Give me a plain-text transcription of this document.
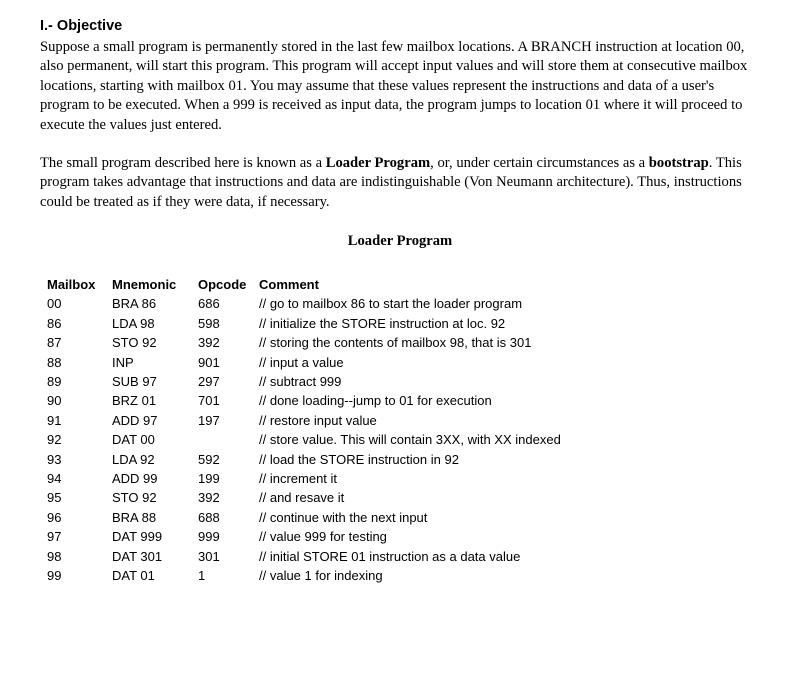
I.- Objective

Suppose a small program is permanently stored in the last few mailbox locations. A BRANCH instruction at location 00, also permanent, will start this program. This program will accept input values and will store them at consecutive mailbox locations, starting with mailbox 01. You may assume that these values represent the instructions and data of a user's program to be executed. When a 999 is received as input data, the program jumps to location 01 where it will proceed to execute the values just entered.

The small program described here is known as a Loader Program, or, under certain circumstances as a bootstrap. This program takes advantage that instructions and data are indistinguishable (Von Neumann architecture). Thus, instructions could be treated as if they were data, if necessary.

Loader Program
Mailbox	Mnemonic	Opcode	Comment
00	BRA 86	686	// go to mailbox 86 to start the loader program
86	LDA 98	598	// initialize the STORE instruction at loc. 92
87	STO 92	392	// storing the contents of mailbox 98, that is 301
88	INP	901	// input a value
89	SUB 97	297	// subtract 999
90	BRZ 01	701	// done loading--jump to 01 for execution
91	ADD 97	197	// restore input value
92	DAT 00		// store value. This will contain 3XX, with XX indexed
93	LDA 92	592	// load the STORE instruction in 92
94	ADD 99	199	// increment it
95	STO 92	392	// and resave it
96	BRA 88	688	// continue with the next input
97	DAT 999	999	// value 999 for testing
98	DAT 301	301	// initial STORE 01 instruction as a data value
99	DAT 01	1	// value 1 for indexing
